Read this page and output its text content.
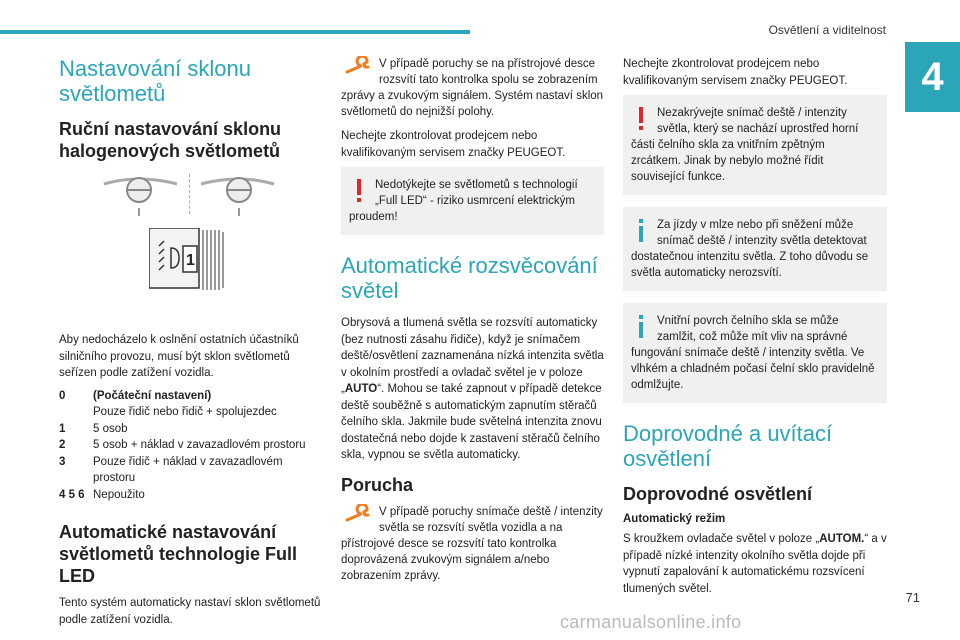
Osvětlení a viditelnost
4
Nastavování sklonu světlometů
Ruční nastavování sklonu halogenových světlometů
1
Aby nedocházelo k oslnění ostatních účastníků silničního provozu, musí být sklon světlometů seřízen podle zatížení vozidla.
0	(Počáteční nastavení)
Pouze řidič nebo řidič + spolujezdec
1	5 osob
2	5 osob + náklad v zavazadlovém prostoru
3	Pouze řidič + náklad v zavazadlovém prostoru
4 5 6	Nepoužito
Automatické nastavování světlometů technologie Full LED
Tento systém automaticky nastaví sklon světlometů podle zatížení vozidla.
V případě poruchy se na přístrojové desce rozsvítí tato kontrolka spolu se zobrazením zprávy a zvukovým signálem. Systém nastaví sklon světlometů do nejnižší polohy.
Nechejte zkontrolovat prodejcem nebo kvalifikovaným servisem značky PEUGEOT.
Nedotýkejte se světlometů s technologií „Full LED“ - riziko usmrcení elektrickým proudem!
Automatické rozsvěcování světel
Obrysová a tlumená světla se rozsvítí automaticky (bez nutnosti zásahu řidiče), když je snímačem deště/osvětlení zaznamenána nízká intenzita světla v okolním prostředí a ovladač světel je v poloze „AUTO“. Mohou se také zapnout v případě detekce deště souběžně s automatickým zapnutím stěračů čelního skla. Jakmile bude světelná intenzita znovu dostatečná nebo dojde k zastavení stěračů čelního skla, vypnou se světla automaticky.
Porucha
V případě poruchy snímače deště / intenzity světla se rozsvítí světla vozidla a na přístrojové desce se rozsvítí tato kontrolka doprovázená zvukovým signálem a/nebo zobrazením zprávy.
Nechejte zkontrolovat prodejcem nebo kvalifikovaným servisem značky PEUGEOT.
Nezakrývejte snímač deště / intenzity světla, který se nachází uprostřed horní části čelního skla za vnitřním zpětným zrcátkem. Jinak by nebylo možné řídit související funkce.
Za jízdy v mlze nebo při sněžení může snímač deště / intenzity světla detektovat dostatečnou intenzitu světla. Z toho důvodu se světla automaticky nerozsvítí.
Vnitřní povrch čelního skla se může zamlžit, což může mít vliv na správné fungování snímače deště / intenzity světla. Ve vlhkém a chladném počasí čelní sklo pravidelně odmlžujte.
Doprovodné a uvítací osvětlení
Doprovodné osvětlení
Automatický režim
S kroužkem ovladače světel v poloze „AUTOM.“ a v případě nízké intenzity okolního světla dojde při vypnutí zapalování k automatickému rozsvícení tlumených světel.
71
carmanualsonline.info
